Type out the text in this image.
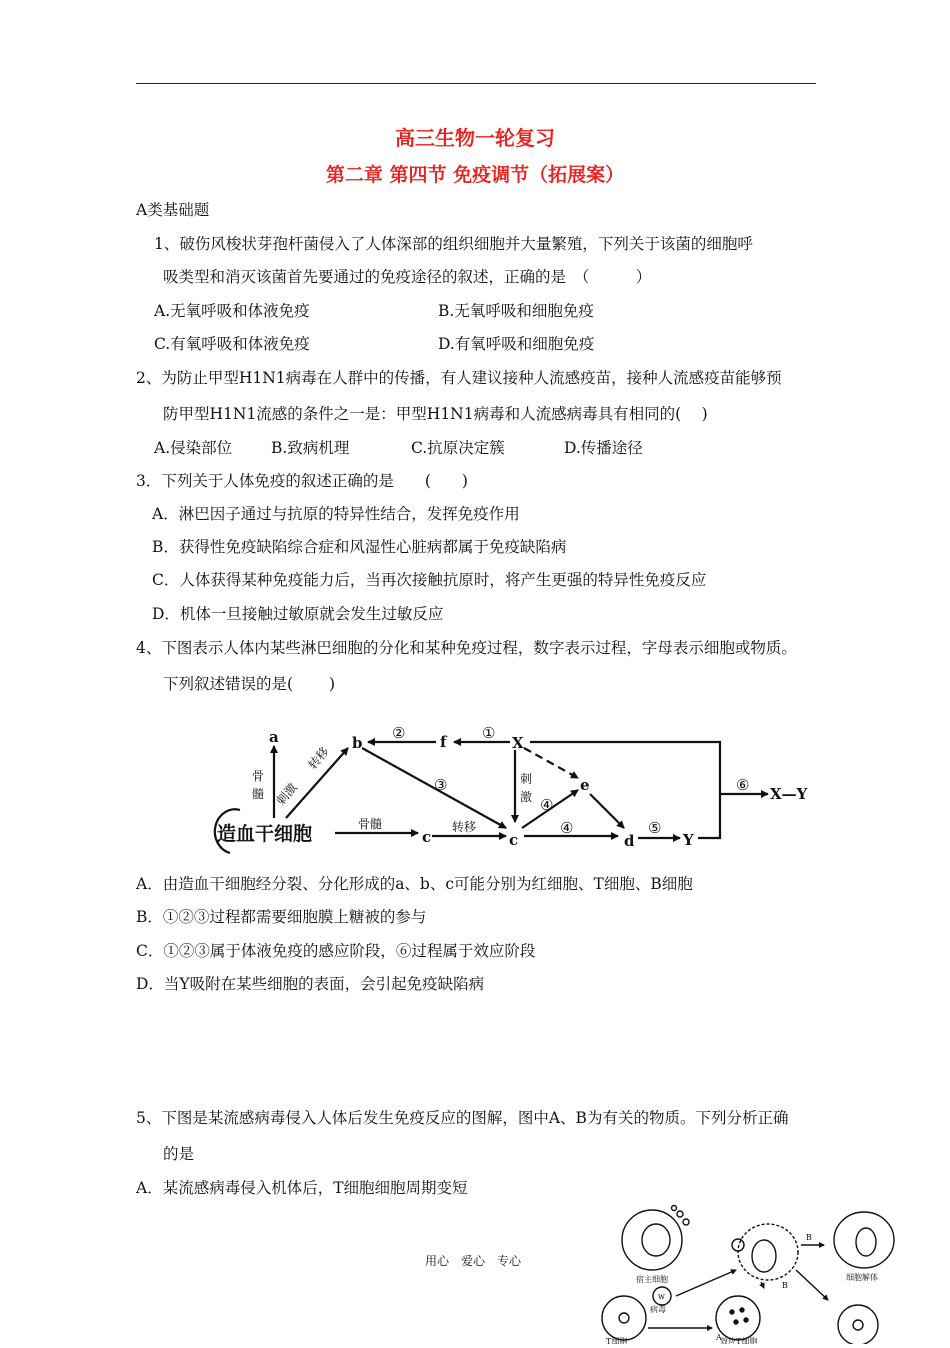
高三生物一轮复习
第二章 第四节 免疫调节（拓展案）
A类基础题
1、破伤风梭状芽孢杆菌侵入了人体深部的组织细胞并大量繁殖，下列关于该菌的细胞呼
吸类型和消灭该菌首先要通过的免疫途径的叙述，正确的是　（　　　）
A.无氧呼吸和体液免疫	B.无氧呼吸和细胞免疫
C.有氧呼吸和体液免疫	D.有氧呼吸和细胞免疫
2、为防止甲型H1N1病毒在人群中的传播，有人建议接种人流感疫苗，接种人流感疫苗能够预
防甲型H1N1流感的条件之一是：甲型H1N1病毒和人流感病毒具有相同的(　 )
A.侵染部位	B.致病机理	C.抗原决定簇	D.传播途径
3．下列关于人体免疫的叙述正确的是　　(　　)
A．淋巴因子通过与抗原的特异性结合，发挥免疫作用
B．获得性免疫缺陷综合症和风湿性心脏病都属于免疫缺陷病
C．人体获得某种免疫能力后，当再次接触抗原时，将产生更强的特异性免疫反应
D．机体一旦接触过敏原就会发生过敏反应
4、下图表示人体内某些淋巴细胞的分化和某种免疫过程，数字表示过程，字母表示细胞或物质。
下列叙述错误的是(　　 )
造血干细胞
a	b
c	c	d
e
f	X
Y
X—Y
骨
髓 刺激
转移
骨髓	转移
刺
激
①
②
③
④
④	⑤
⑥
A．由造血干细胞经分裂、分化形成的a、b、c可能分别为红细胞、T细胞、B细胞
B．①②③过程都需要细胞膜上糖被的参与
C．①②③属于体液免疫的感应阶段，⑥过程属于效应阶段
D．当Y吸附在某些细胞的表面，会引起免疫缺陷病
5、下图是某流感病毒侵入人体后发生免疫反应的图解，图中A、B为有关的物质。下列分析正确
的是
A．某流感病毒侵入机体后，T细胞细胞周期变短
用心　爱心　专心
宿主细胞
病毒
T细胞	效应T细胞
细胞解体
B
B
A
w
